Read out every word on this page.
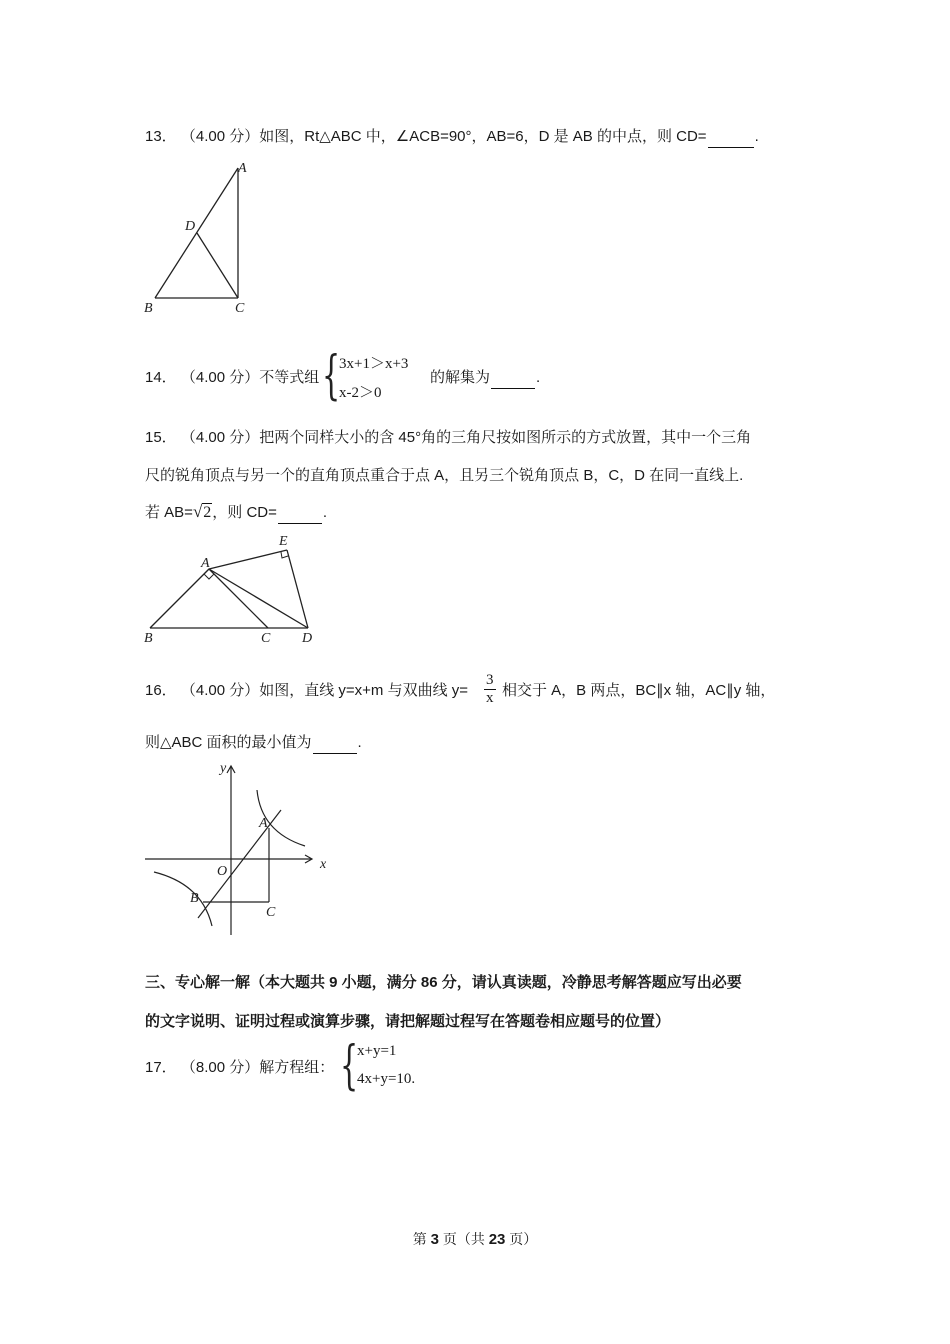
13． （4.00 分）如图，Rt△ABC 中，∠ACB=90°，AB=6，D 是 AB 的中点，则 CD=	.
A
D
B	C
14． （4.00 分）不等式组 {
3x+1＞x+3
x-2＞0
的解集为	.
15． （4.00 分）把两个同样大小的含 45°角的三角尺按如图所示的方式放置，其中一个三角
尺的锐角顶点与另一个的直角顶点重合于点 A，且另三个锐角顶点 B，C，D 在同一直线上.
若 AB=√2，则 CD=	.
A
E
B	C D
16． （4.00 分）如图，直线 y=x+m 与双曲线 $y= \frac{3}{x}$ 相交于 A，B 两点，BC∥x 轴，AC∥y 轴，
则△ABC 面积的最小值为	.
y
x
O
A
B
C
三、专心解一解（本大题共 9 小题，满分 86 分，请认真读题，冷静思考解答题应写出必要
的文字说明、证明过程或演算步骤，请把解题过程写在答题卷相应题号的位置）
17． （8.00 分）解方程组： {
x+y=1
4x+y=10.
第 3 页（共 23 页）
